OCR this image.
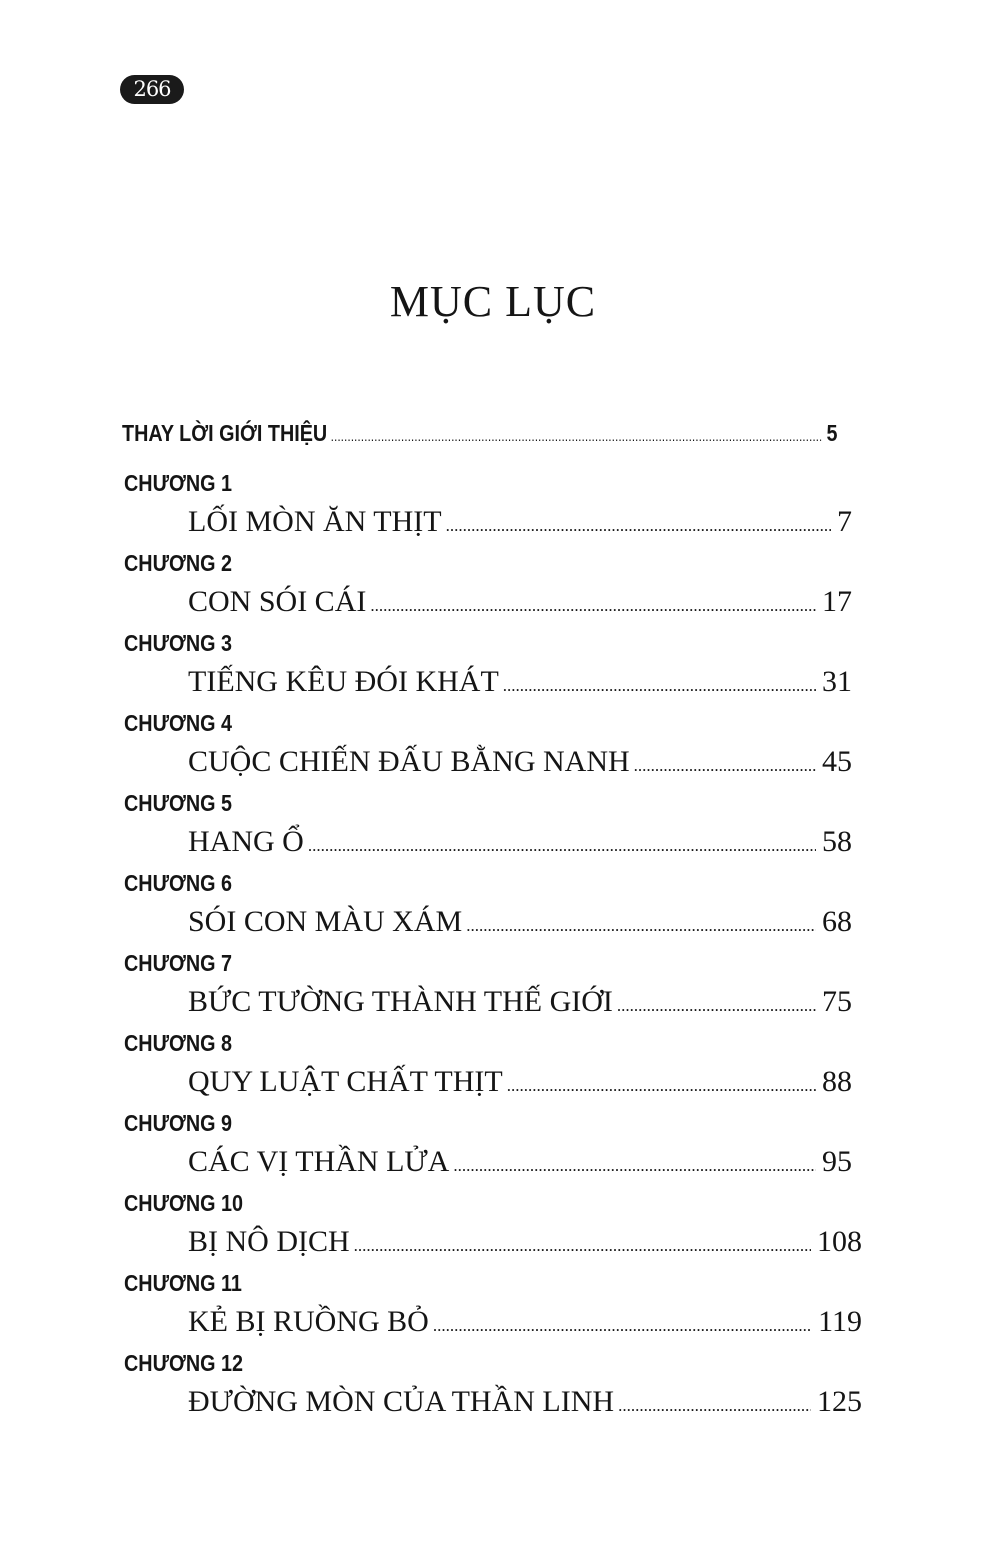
266
MỤC LỤC
THAY LỜI GIỚI THIỆU .....	5
CHƯƠNG 1
LỐI MÒN ĂN THỊT .....	7
CHƯƠNG 2
CON SÓI CÁI .....	17
CHƯƠNG 3
TIẾNG KÊU ĐÓI KHÁT .....	31
CHƯƠNG 4
CUỘC CHIẾN ĐẤU BẰNG NANH .....	45
CHƯƠNG 5
HANG Ổ .....	58
CHƯƠNG 6
SÓI CON MÀU XÁM .....	68
CHƯƠNG 7
BỨC TƯỜNG THÀNH THẾ GIỚI .....	75
CHƯƠNG 8
QUY LUẬT CHẤT THỊT .....	88
CHƯƠNG 9
CÁC VỊ THẦN LỬA .....	95
CHƯƠNG 10
BỊ NÔ DỊCH .....	108
CHƯƠNG 11
KẺ BỊ RUỒNG BỎ .....	119
CHƯƠNG 12
ĐƯỜNG MÒN CỦA THẦN LINH .....	125
